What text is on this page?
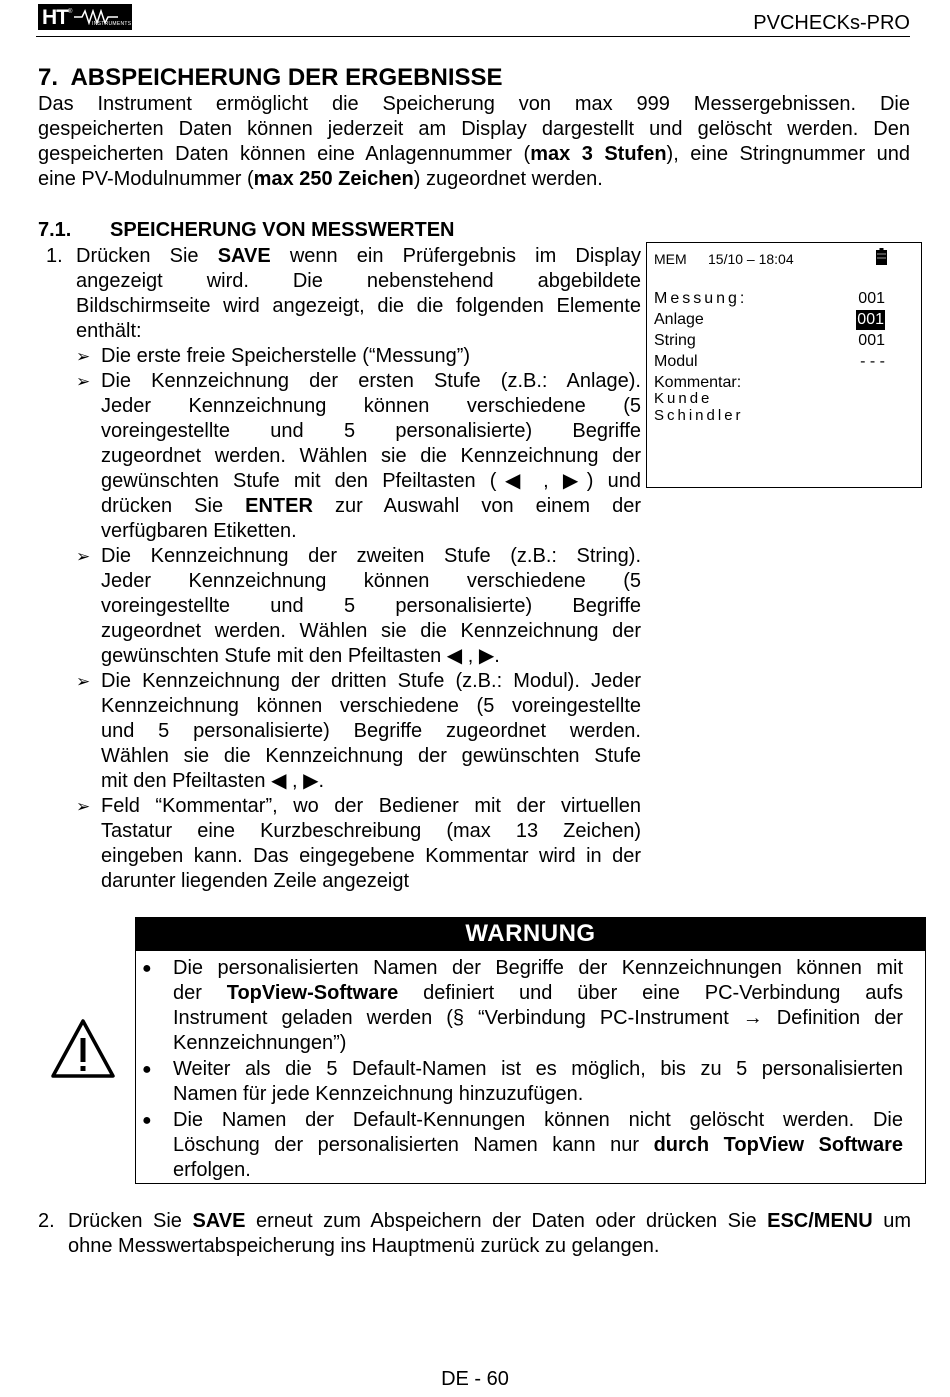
HT ®
INSTRUMENTS	PVCHECKs-PRO
7. ABSPEICHERUNG DER ERGEBNISSE
Das Instrument ermöglicht die Speicherung von max 999 Messergebnissen. Die
gespeicherten Daten können jederzeit am Display dargestellt und gelöscht werden. Den
gespeicherten Daten können eine Anlagennummer (max 3 Stufen), eine Stringnummer und
eine PV-Modulnummer (max 250 Zeichen) zugeordnet werden.
7.1. SPEICHERUNG VON MESSWERTEN
1. Drücken Sie SAVE wenn ein Prüfergebnis im Display
angezeigt wird. Die nebenstehend abgebildete
Bildschirmseite wird angezeigt, die die folgenden Elemente
enthält:
➢ Die erste freie Speicherstelle (“Messung”)
➢ Die Kennzeichnung der ersten Stufe (z.B.: Anlage).
Jeder Kennzeichnung können verschiedene (5
voreingestellte und 5 personalisierte) Begriffe
zugeordnet werden. Wählen sie die Kennzeichnung der
gewünschten Stufe mit den Pfeiltasten (◀ , ▶) und
drücken Sie ENTER zur Auswahl von einem der
verfügbaren Etiketten.
➢ Die Kennzeichnung der zweiten Stufe (z.B.: String).
Jeder Kennzeichnung können verschiedene (5
voreingestellte und 5 personalisierte) Begriffe
zugeordnet werden. Wählen sie die Kennzeichnung der
gewünschten Stufe mit den Pfeiltasten ◀ , ▶.
➢ Die Kennzeichnung der dritten Stufe (z.B.: Modul). Jeder
Kennzeichnung können verschiedene (5 voreingestellte
und 5 personalisierte) Begriffe zugeordnet werden.
Wählen sie die Kennzeichnung der gewünschten Stufe
mit den Pfeiltasten ◀ , ▶.
➢ Feld “Kommentar”, wo der Bediener mit der virtuellen
Tastatur eine Kurzbeschreibung (max 13 Zeichen)
eingeben kann. Das eingegebene Kommentar wird in der
darunter liegenden Zeile angezeigt
MEM 15/10 – 18:04
Messung:	001
Anlage	001
String	001
Modul	- - -
Kommentar:
Kunde
Schindler
WARNUNG
Die personalisierten Namen der Begriffe der Kennzeichnungen können mit
der TopView-Software definiert und über eine PC-Verbindung aufs
Instrument geladen werden (§ “Verbindung PC-Instrument → Definition der
Kennzeichnungen”)
●
Weiter als die 5 Default-Namen ist es möglich, bis zu 5 personalisierten
Namen für jede Kennzeichnung hinzuzufügen.
●
Die Namen der Default-Kennungen können nicht gelöscht werden. Die
Löschung der personalisierten Namen kann nur durch TopView Software
erfolgen.
●
2. Drücken Sie SAVE erneut zum Abspeichern der Daten oder drücken Sie ESC/MENU um
ohne Messwertabspeicherung ins Hauptmenü zurück zu gelangen.
DE - 60
